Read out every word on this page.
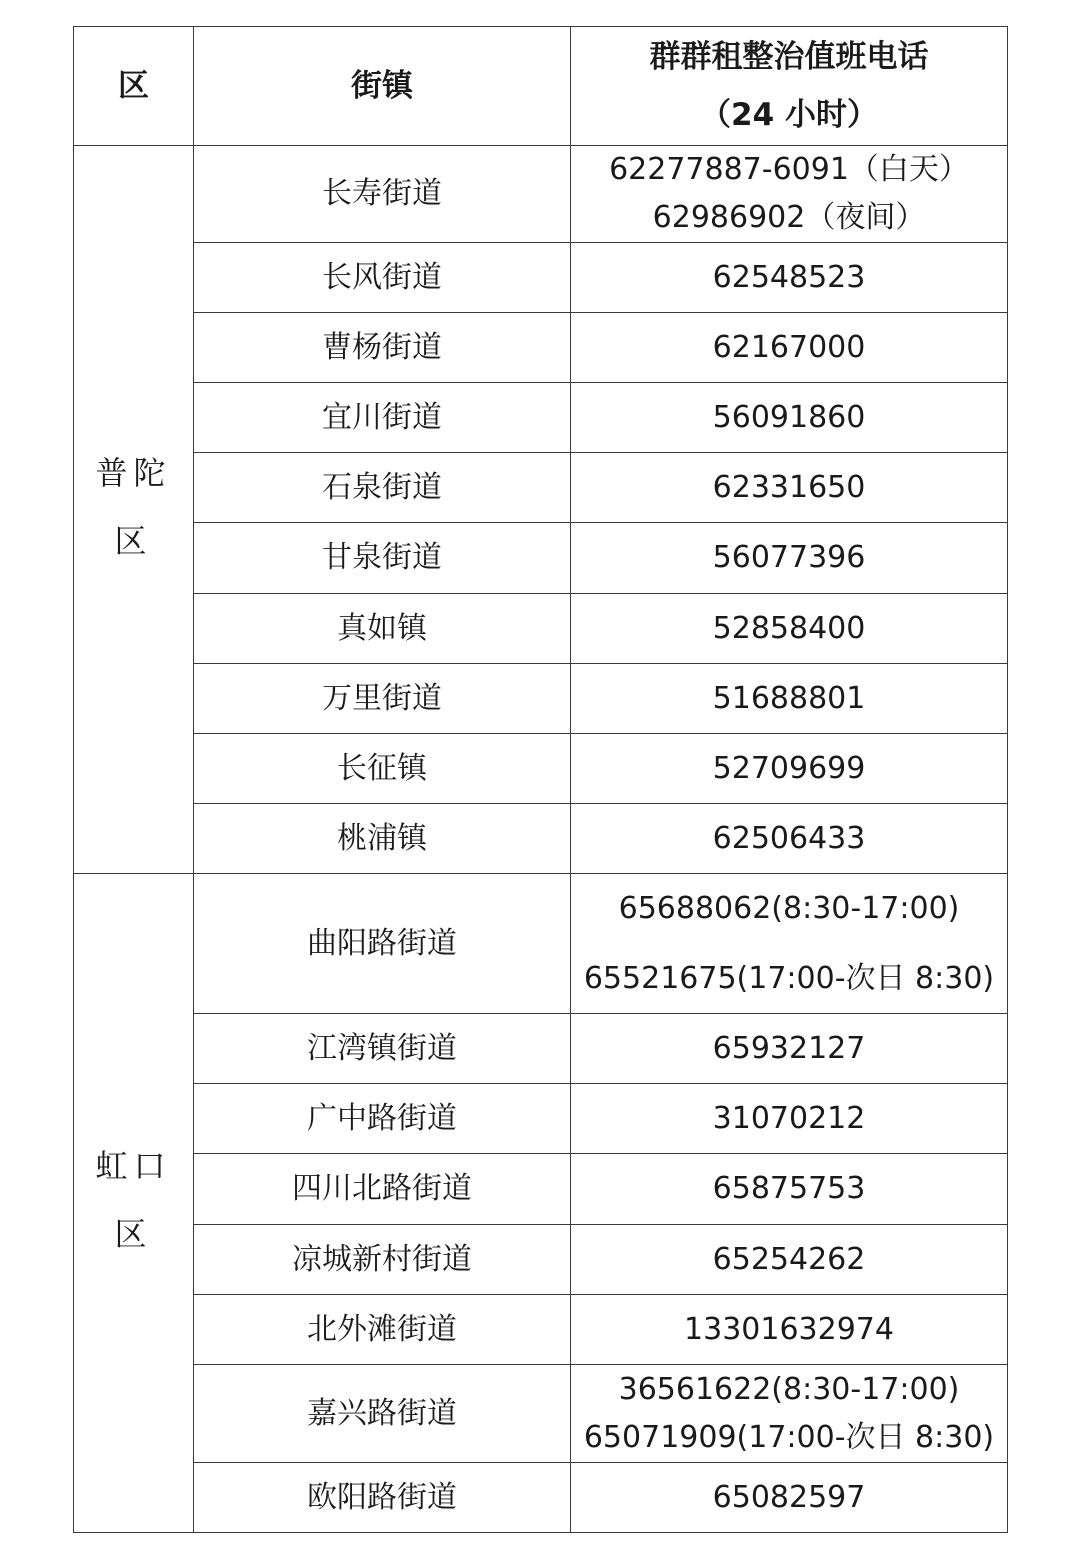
区	街镇	群群租整治值班电话
（24 小时）

普陀区	长寿街道	62277887-6091（白天）
62986902（夜间）

	长风街道	62548523

	曹杨街道	62167000

	宜川街道	56091860

	石泉街道	62331650

	甘泉街道	56077396

	真如镇	52858400

	万里街道	51688801

	长征镇	52709699

	桃浦镇	62506433

虹口区	曲阳路街道	65688062(8:30-17:00)
65521675(17:00-次日 8:30)

	江湾镇街道	65932127

	广中路街道	31070212

	四川北路街道	65875753

	凉城新村街道	65254262

	北外滩街道	13301632974

	嘉兴路街道	36561622(8:30-17:00)
65071909(17:00-次日 8:30)

	欧阳路街道	65082597
